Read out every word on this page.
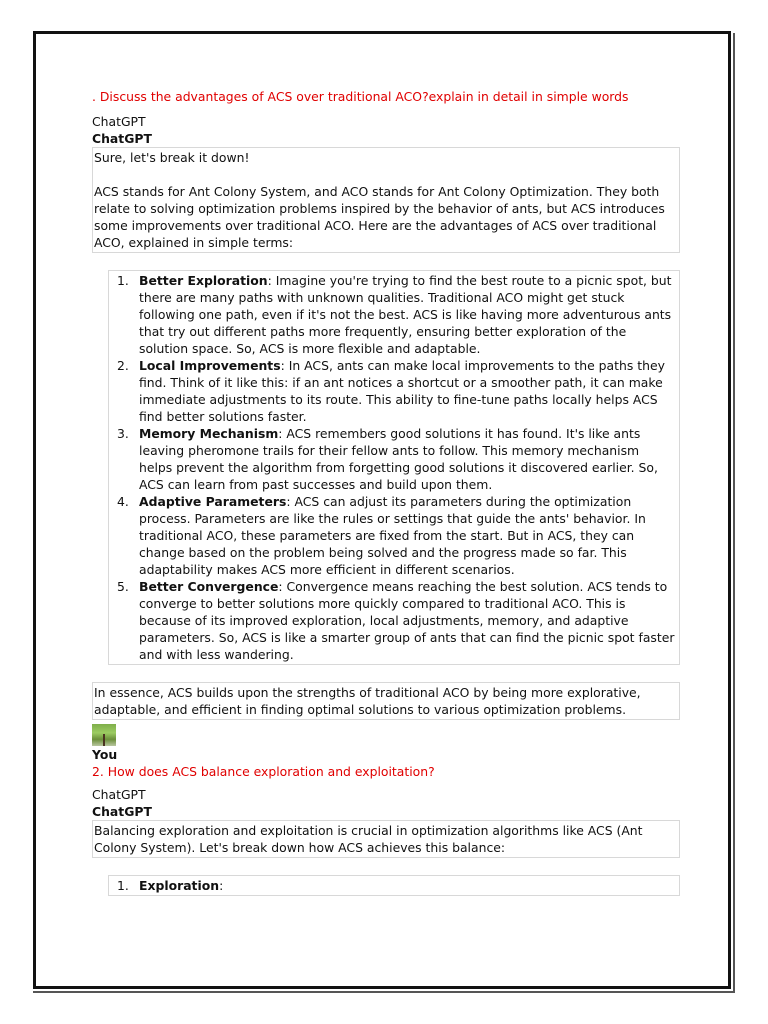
. Discuss the advantages of ACS over traditional ACO?explain in detail in simple words

ChatGPT

ChatGPT

Sure, let's break it down!

ACS stands for Ant Colony System, and ACO stands for Ant Colony Optimization. They both relate to solving optimization problems inspired by the behavior of ants, but ACS introduces some improvements over traditional ACO. Here are the advantages of ACS over traditional ACO, explained in simple terms:

1. Better Exploration: Imagine you're trying to find the best route to a picnic spot, but there are many paths with unknown qualities. Traditional ACO might get stuck following one path, even if it's not the best. ACS is like having more adventurous ants that try out different paths more frequently, ensuring better exploration of the solution space. So, ACS is more flexible and adaptable.
2. Local Improvements: In ACS, ants can make local improvements to the paths they find. Think of it like this: if an ant notices a shortcut or a smoother path, it can make immediate adjustments to its route. This ability to fine-tune paths locally helps ACS find better solutions faster.
3. Memory Mechanism: ACS remembers good solutions it has found. It's like ants leaving pheromone trails for their fellow ants to follow. This memory mechanism helps prevent the algorithm from forgetting good solutions it discovered earlier. So, ACS can learn from past successes and build upon them.
4. Adaptive Parameters: ACS can adjust its parameters during the optimization process. Parameters are like the rules or settings that guide the ants' behavior. In traditional ACO, these parameters are fixed from the start. But in ACS, they can change based on the problem being solved and the progress made so far. This adaptability makes ACS more efficient in different scenarios.
5. Better Convergence: Convergence means reaching the best solution. ACS tends to converge to better solutions more quickly compared to traditional ACO. This is because of its improved exploration, local adjustments, memory, and adaptive parameters. So, ACS is like a smarter group of ants that can find the picnic spot faster and with less wandering.

In essence, ACS builds upon the strengths of traditional ACO by being more explorative, adaptable, and efficient in finding optimal solutions to various optimization problems.

You

2. How does ACS balance exploration and exploitation?

ChatGPT

ChatGPT

Balancing exploration and exploitation is crucial in optimization algorithms like ACS (Ant Colony System). Let's break down how ACS achieves this balance:

1. Exploration:
